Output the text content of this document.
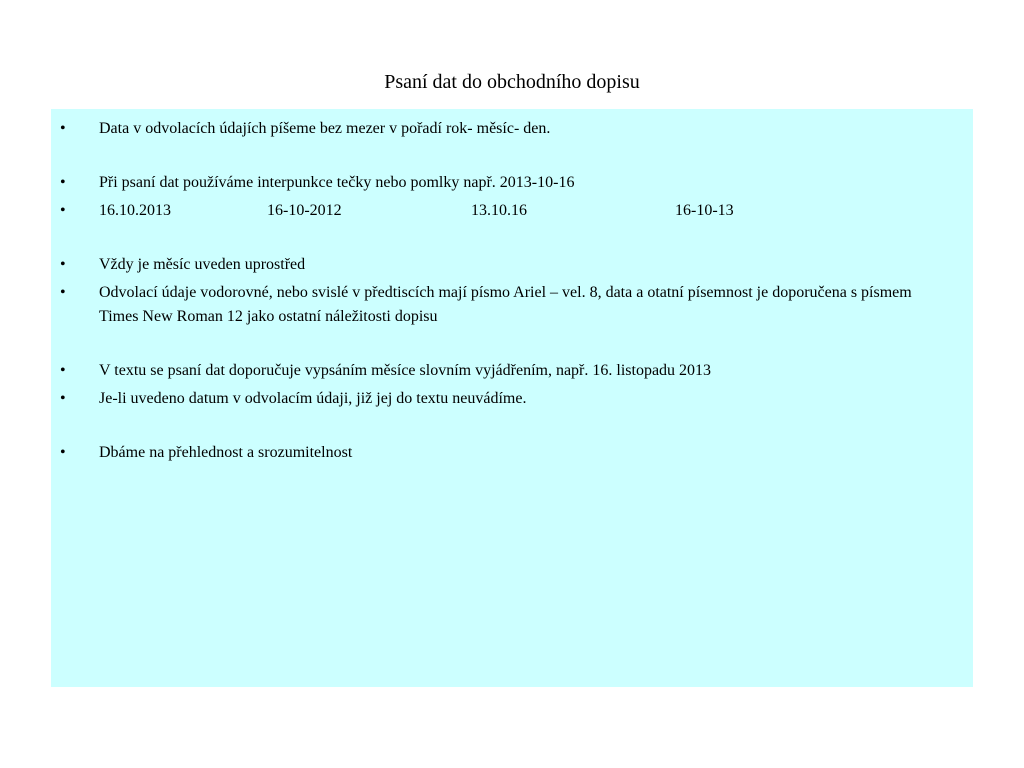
Psaní dat do obchodního dopisu
• Data v odvolacích údajích píšeme bez mezer v pořadí rok- měsíc- den.
• Při psaní dat používáme interpunkce tečky nebo pomlky např. 2013-10-16
• 16.10.2013	16-10-2012	13.10.16	16-10-13
• Vždy je měsíc uveden uprostřed
• Odvolací údaje vodorovné, nebo svislé v předtiscích mají písmo Ariel – vel. 8, data a otatní písemnost je doporučena s písmem Times New Roman 12 jako ostatní náležitosti dopisu
• V textu se psaní dat doporučuje vypsáním měsíce slovním vyjádřením, např. 16. listopadu 2013
• Je-li uvedeno datum v odvolacím údaji, již jej do textu neuvádíme.
• Dbáme na přehlednost a srozumitelnost
